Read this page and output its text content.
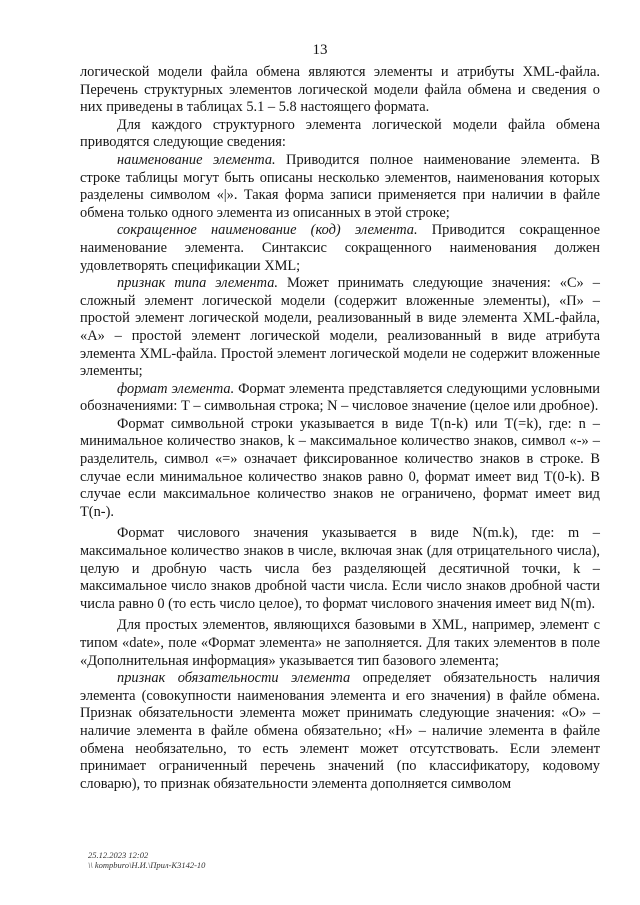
13

логической модели файла обмена являются элементы и атрибуты XML-файла. Перечень структурных элементов логической модели файла обмена и сведения о них приведены в таблицах 5.1 – 5.8 настоящего формата.

Для каждого структурного элемента логической модели файла обмена приводятся следующие сведения:

наименование элемента. Приводится полное наименование элемента. В строке таблицы могут быть описаны несколько элементов, наименования которых разделены символом «|». Такая форма записи применяется при наличии в файле обмена только одного элемента из описанных в этой строке;

сокращенное наименование (код) элемента. Приводится сокращенное наименование элемента. Синтаксис сокращенного наименования должен удовлетворять спецификации XML;

признак типа элемента. Может принимать следующие значения: «С» – сложный элемент логической модели (содержит вложенные элементы), «П» – простой элемент логической модели, реализованный в виде элемента XML-файла, «А» – простой элемент логической модели, реализованный в виде атрибута элемента XML-файла. Простой элемент логической модели не содержит вложенные элементы;

формат элемента. Формат элемента представляется следующими условными обозначениями: Т – символьная строка; N – числовое значение (целое или дробное).

Формат символьной строки указывается в виде Т(n-k) или T(=k), где: n – минимальное количество знаков, k – максимальное количество знаков, символ «-» – разделитель, символ «=» означает фиксированное количество знаков в строке. В случае если минимальное количество знаков равно 0, формат имеет вид Т(0-k). В случае если максимальное количество знаков не ограничено, формат имеет вид Т(n-).

Формат числового значения указывается в виде N(m.k), где: m – максимальное количество знаков в числе, включая знак (для отрицательного числа), целую и дробную часть числа без разделяющей десятичной точки, k – максимальное число знаков дробной части числа. Если число знаков дробной части числа равно 0 (то есть число целое), то формат числового значения имеет вид N(m).

Для простых элементов, являющихся базовыми в XML, например, элемент с типом «date», поле «Формат элемента» не заполняется. Для таких элементов в поле «Дополнительная информация» указывается тип базового элемента;

признак обязательности элемента определяет обязательность наличия элемента (совокупности наименования элемента и его значения) в файле обмена. Признак обязательности элемента может принимать следующие значения: «О» – наличие элемента в файле обмена обязательно; «Н» – наличие элемента в файле обмена необязательно, то есть элемент может отсутствовать. Если элемент принимает ограниченный перечень значений (по классификатору, кодовому словарю), то признак обязательности элемента дополняется символом

25.12.2023 12:02
\\ kompburo\Н.И.\Прил-К3142-10
